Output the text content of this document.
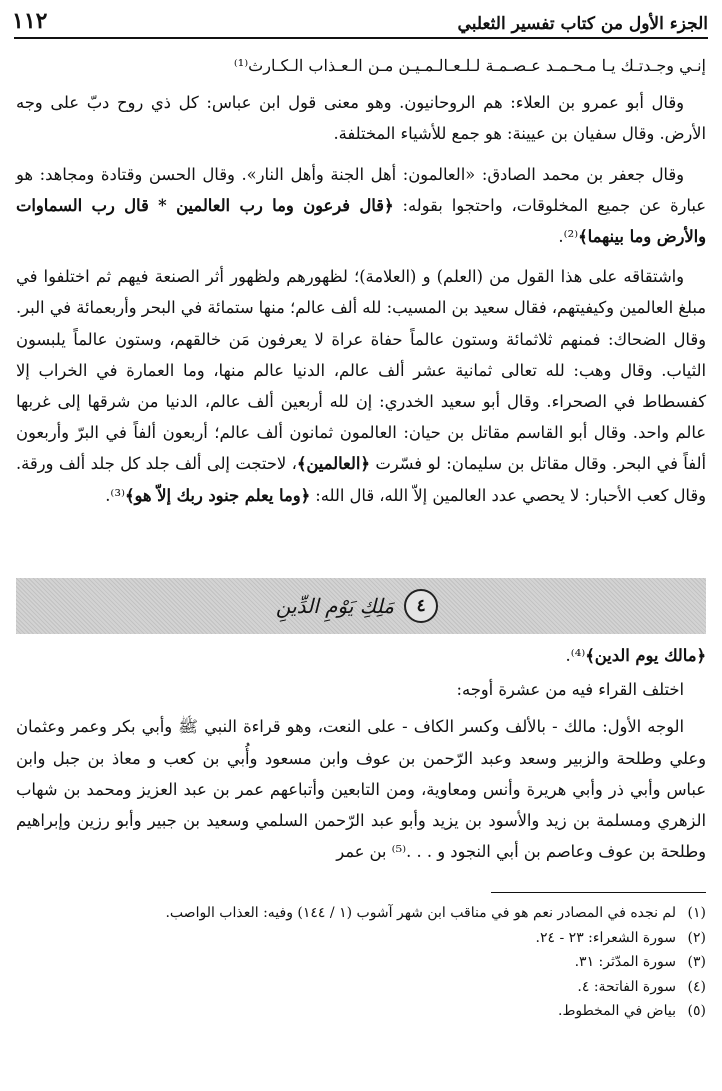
١١٢	الجزء الأول من كتاب تفسير الثعلبي

إنـي وجـدتـك يـا مـحـمـد عـصـمـة لـلـعـالـمـيـن مـن الـعـذاب الـكـارث⁽¹⁾

وقال أبو عمرو بن العلاء: هم الروحانيون. وهو معنى قول ابن عباس: كل ذي روح دبّ على وجه الأرض. وقال سفيان بن عيينة: هو جمع للأشياء المختلفة.

وقال جعفر بن محمد الصادق: «العالمون: أهل الجنة وأهل النار». وقال الحسن وقتادة ومجاهد: هو عبارة عن جميع المخلوقات، واحتجوا بقوله: ﴿قال فرعون وما رب العالمين * قال رب السماوات والأرض وما بينهما﴾⁽²⁾.

واشتقاقه على هذا القول من (العلم) و (العلامة)؛ لظهورهم ولظهور أثر الصنعة فيهم ثم اختلفوا في مبلغ العالمين وكيفيتهم، فقال سعيد بن المسيب: لله ألف عالم؛ منها ستمائة في البحر وأربعمائة في البر. وقال الضحاك: فمنهم ثلاثمائة وستون عالماً حفاة عراة لا يعرفون مَن خالقهم، وستون عالماً يلبسون الثياب. وقال وهب: لله تعالى ثمانية عشر ألف عالم، الدنيا عالم منها، وما العمارة في الخراب إلا كفسطاط في الصحراء. وقال أبو سعيد الخدري: إن لله أربعين ألف عالم، الدنيا من شرقها إلى غربها عالم واحد. وقال أبو القاسم مقاتل بن حيان: العالمون ثمانون ألف عالم؛ أربعون ألفاً في البرّ وأربعون ألفاً في البحر. وقال مقاتل بن سليمان: لو فسّرت ﴿العالمين﴾، لاحتجت إلى ألف جلد كل جلد ألف ورقة. وقال كعب الأحبار: لا يحصي عدد العالمين إلاّ الله، قال الله: ﴿وما يعلم جنود ربك إلاّ هو﴾⁽³⁾.

٤
مَلِكِ يَوْمِ الدِّينِ

﴿مالك يوم الدين﴾⁽⁴⁾.

اختلف القراء فيه من عشرة أوجه:

الوجه الأول: مالك - بالألف وكسر الكاف - على النعت، وهو قراءة النبي ﷺ وأبي بكر وعمر وعثمان وعلي وطلحة والزبير وسعد وعبد الرّحمن بن عوف وابن مسعود وأُبي بن كعب و معاذ بن جبل وابن عباس وأبي ذر وأبي هريرة وأنس ومعاوية، ومن التابعين وأتباعهم عمر بن عبد العزيز ومحمد بن شهاب الزهري ومسلمة بن زيد والأسود بن يزيد وأبو عبد الرّحمن السلمي وسعيد بن جبير وأبو رزين وإبراهيم وطلحة بن عوف وعاصم بن أبي النجود و . . .⁽⁵⁾ بن عمر

(١)
لم نجده في المصادر نعم هو في مناقب ابن شهر آشوب (١ / ١٤٤) وفيه: العذاب الواصب.
(٢)
سورة الشعراء: ٢٣ - ٢٤.
(٣)
سورة المدّثر: ٣١.
(٤)
سورة الفاتحة: ٤.
(٥)
بياض في المخطوط.
